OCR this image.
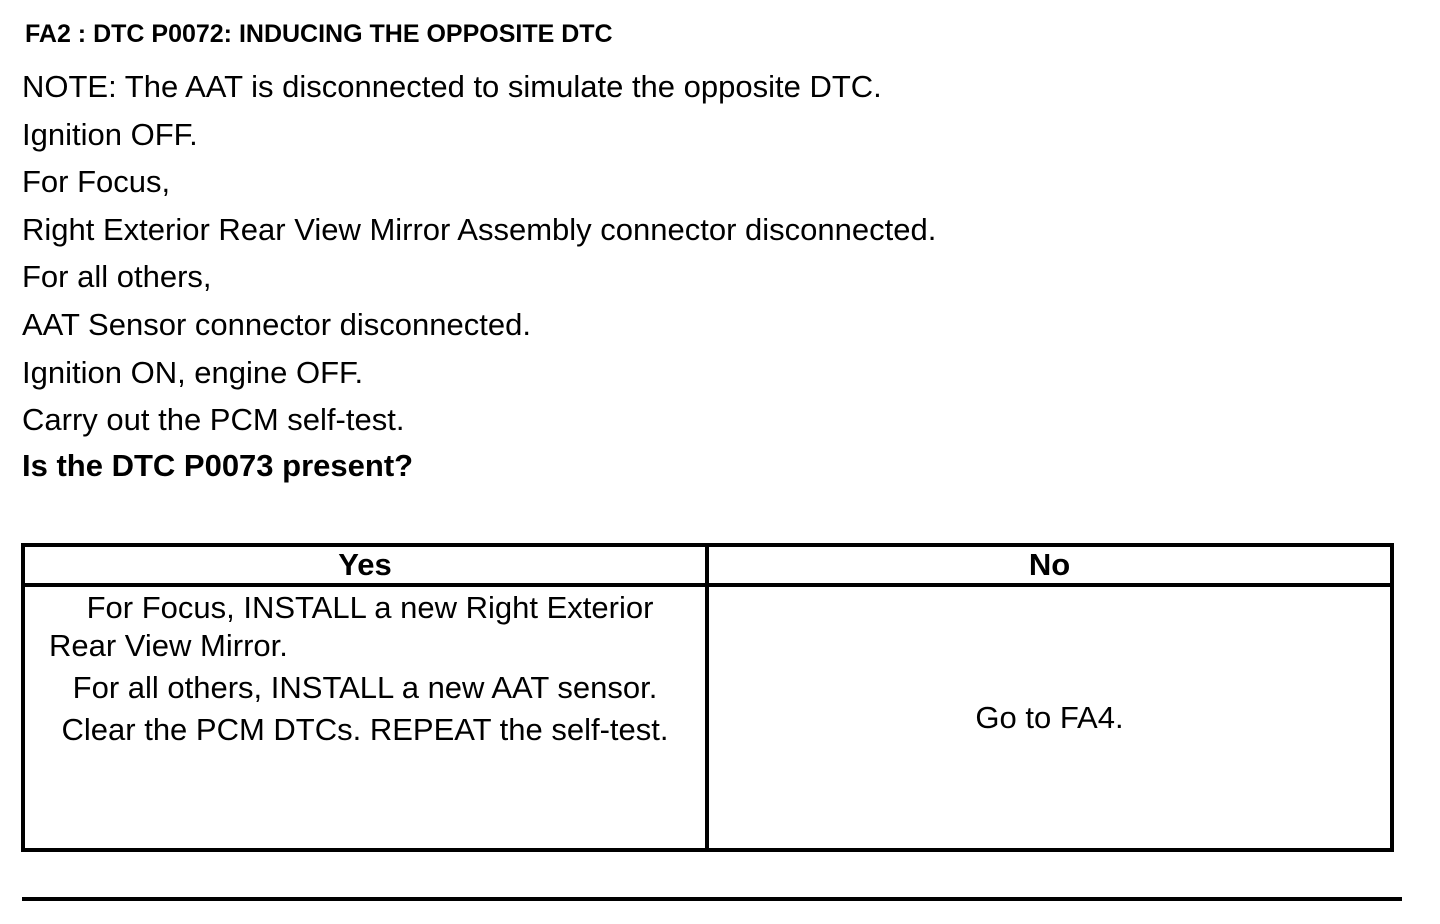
FA2 : DTC P0072: INDUCING THE OPPOSITE DTC
NOTE: The AAT is disconnected to simulate the opposite DTC.
Ignition OFF.
For Focus,
Right Exterior Rear View Mirror Assembly connector disconnected.
For all others,
AAT Sensor connector disconnected.
Ignition ON, engine OFF.
Carry out the PCM self-test.
Is the DTC P0073 present?
Yes	No

For Focus, INSTALL a new Right Exterior
Rear View Mirror.
For all others, INSTALL a new AAT sensor.
Clear the PCM DTCs. REPEAT the self-test.	Go to FA4.
